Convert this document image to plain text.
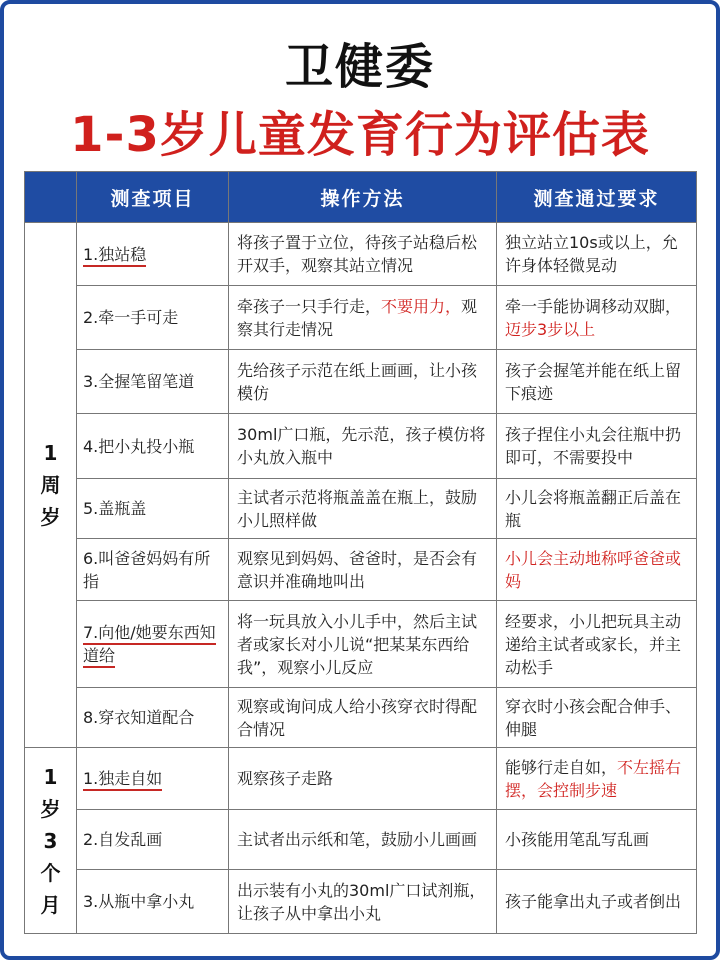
卫健委
1-3岁儿童发育行为评估表
	测查项目	操作方法	测查通过要求

1
周
岁	1.独站稳	将孩子置于立位，待孩子站稳后松开双手，观察其站立情况	独立站立10s或以上，允许身体轻微晃动
	2.牵一手可走	牵孩子一只手行走，不要用力，观察其行走情况	牵一手能协调移动双脚，迈步3步以上
	3.全握笔留笔道	先给孩子示范在纸上画画，让小孩模仿	孩子会握笔并能在纸上留下痕迹
	4.把小丸投小瓶	30ml广口瓶，先示范，孩子模仿将小丸放入瓶中	孩子捏住小丸会往瓶中扔即可，不需要投中
	5.盖瓶盖	主试者示范将瓶盖盖在瓶上，鼓励小儿照样做	小儿会将瓶盖翻正后盖在瓶
	6.叫爸爸妈妈有所指	观察见到妈妈、爸爸时，是否会有意识并准确地叫出	小儿会主动地称呼爸爸或妈
	7.向他/她要东西知道给	将一玩具放入小儿手中，然后主试者或家长对小儿说“把某某东西给我”，观察小儿反应	经要求，小儿把玩具主动递给主试者或家长，并主动松手
	8.穿衣知道配合	观察或询问成人给小孩穿衣时得配合情况	穿衣时小孩会配合伸手、伸腿

1
岁
3
个
月	1.独走自如	观察孩子走路	能够行走自如，不左摇右摆，会控制步速
	2.自发乱画	主试者出示纸和笔，鼓励小儿画画	小孩能用笔乱写乱画
	3.从瓶中拿小丸	出示装有小丸的30ml广口试剂瓶，让孩子从中拿出小丸	孩子能拿出丸子或者倒出
